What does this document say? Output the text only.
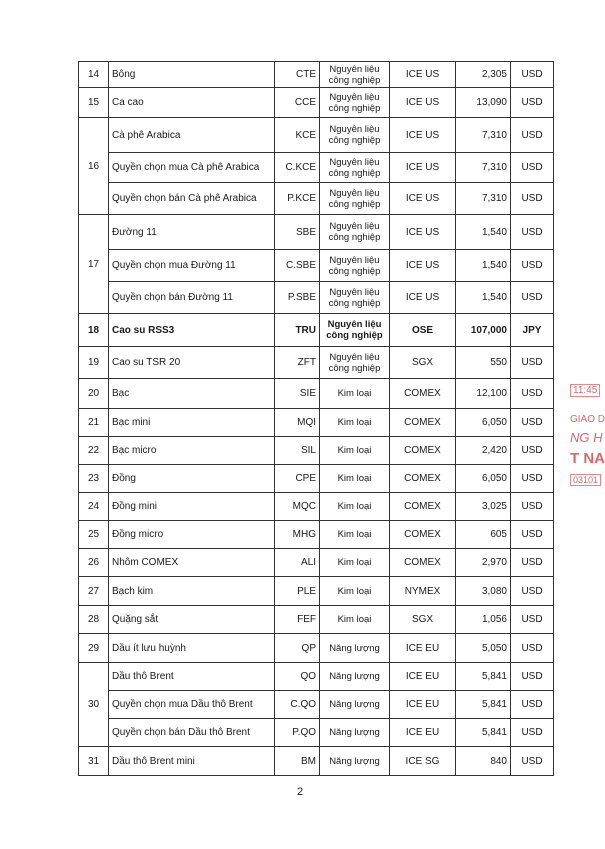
14	Bông	CTE	Nguyên liệu công nghiệp	ICE US	2,305	USD
15	Ca cao	CCE	Nguyên liệu công nghiệp	ICE US	13,090	USD
16	Cà phê Arabica	KCE	Nguyên liệu công nghiệp	ICE US	7,310	USD
	Quyền chọn mua Cà phê Arabica	C.KCE	Nguyên liệu công nghiệp	ICE US	7,310	USD
	Quyền chọn bán Cà phê Arabica	P.KCE	Nguyên liệu công nghiệp	ICE US	7,310	USD
17	Đường 11	SBE	Nguyên liệu công nghiệp	ICE US	1,540	USD
	Quyền chọn mua Đường 11	C.SBE	Nguyên liệu công nghiệp	ICE US	1,540	USD
	Quyền chọn bán Đường 11	P.SBE	Nguyên liệu công nghiệp	ICE US	1,540	USD
18	Cao su RSS3	TRU	Nguyên liệu công nghiệp	OSE	107,000	JPY
19	Cao su TSR 20	ZFT	Nguyên liệu công nghiệp	SGX	550	USD
20	Bạc	SIE	Kim loại	COMEX	12,100	USD
21	Bạc mini	MQI	Kim loại	COMEX	6,050	USD
22	Bạc micro	SIL	Kim loại	COMEX	2,420	USD
23	Đồng	CPE	Kim loại	COMEX	6,050	USD
24	Đồng mini	MQC	Kim loại	COMEX	3,025	USD
25	Đồng micro	MHG	Kim loại	COMEX	605	USD
26	Nhôm COMEX	ALI	Kim loại	COMEX	2,970	USD
27	Bạch kim	PLE	Kim loại	NYMEX	3,080	USD
28	Quặng sắt	FEF	Kim loại	SGX	1,056	USD
29	Dầu ít lưu huỳnh	QP	Năng lượng	ICE EU	5,050	USD
30	Dầu thô Brent	QO	Năng lượng	ICE EU	5,841	USD
	Quyền chọn mua Dầu thô Brent	C.QO	Năng lượng	ICE EU	5,841	USD
	Quyền chọn bán Dầu thô Brent	P.QO	Năng lượng	ICE EU	5,841	USD
31	Dầu thô Brent mini	BM	Năng lượng	ICE SG	840	USD
2
11:45
GIAO D
NG H
T NA
03101
